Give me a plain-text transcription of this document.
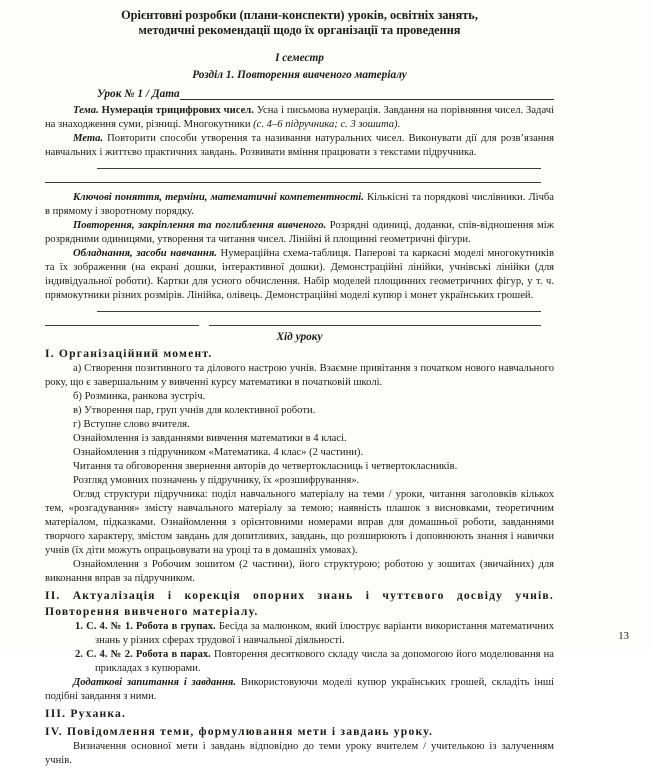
Орієнтовні розробки (плани-конспекти) уроків, освітніх занять,
методичні рекомендації щодо їх організації та проведення
І семестр
Розділ 1. Повторення вивченого матеріалу
Урок № 1 / Дата

Тема. Нумерація трицифрових чисел. Усна і письмова нумерація. Завдання на порівняння чисел. Задачі на знаходження суми, різниці. Многокутники (с. 4–6 підручника; с. 3 зошита).

Мета. Повторити способи утворення та називання натуральних чисел. Виконувати дії для розв’язання навчальних і життєво практичних завдань. Розвивати вміння працювати з текстами підручника.

Ключові поняття, терміни, математичні компетентності. Кількісні та порядкові числівники. Лічба в прямому і зворотному порядку.

Повторення, закріплення та поглиблення вивченого. Розрядні одиниці, доданки, спів-відношення між розрядними одиницями, утворення та читання чисел. Лінійні й площинні геометричні фігури.

Обладнання, засоби навчання. Нумераційна схема-таблиця. Паперові та каркасні моделі многокутників та їх зображення (на екрані дошки, інтерактивної дошки). Демонстраційні лінійки, учнівські лінійки (для індивідуальної роботи). Картки для усного обчислення. Набір моделей площинних геометричних фігур, у т. ч. прямокутники різних розмірів. Лінійка, олівець. Демонстраційні моделі купюр і монет українських грошей.

Хід уроку
І. Організаційний момент.

а) Створення позитивного та ділового настрою учнів. Взаємне привітання з початком нового навчального року, що є завершальним у вивченні курсу математики в початковій школі.

б) Розминка, ранкова зустріч.

в) Утворення пар, груп учнів для колективної роботи.

г) Вступне слово вчителя.

Ознайомлення із завданнями вивчення математики в 4 класі.

Ознайомлення з підручником «Математика. 4 клас» (2 частини).

Читання та обговорення звернення авторів до четвертокласниць і четвертокласників.

Розгляд умовних позначень у підручнику, їх «розшифрування».

Огляд структури підручника: поділ навчального матеріалу на теми / уроки, читання заголовків кількох тем, «розгадування» змісту навчального матеріалу за темою; наявність плашок з висновками, теоретичним матеріалом, підказками. Ознайомлення з орієнтовними номерами вправ для домашньої роботи, завданнями творчого характеру, змістом завдань для допитливих, завдань, що розширюють і доповнюють знання і навички учнів (їх діти можуть опрацьовувати на уроці та в домашніх умовах).

Ознайомлення з Робочим зошитом (2 частини), його структурою; роботою у зошитах (звичайних) для виконання вправ за підручником.

ІІ. Актуалізація і корекція опорних знань і чуттєвого досвіду учнів. Повторення вивченого матеріалу.

1. С. 4. № 1. Робота в групах. Бесіда за малюнком, який ілюструє варіанти використання математичних знань у різних сферах трудової і навчальної діяльності.

2. С. 4. № 2. Робота в парах. Повторення десяткового складу числа за допомогою його моделювання на прикладах з купюрами.

Додаткові запитання і завдання. Використовуючи моделі купюр українських грошей, складіть інші подібні завдання з ними.

ІІІ. Руханка.
IV. Повідомлення теми, формулювання мети і завдань уроку.

Визначення основної мети і завдань відповідно до теми уроку вчителем / учителькою із залученням учнів.

13
